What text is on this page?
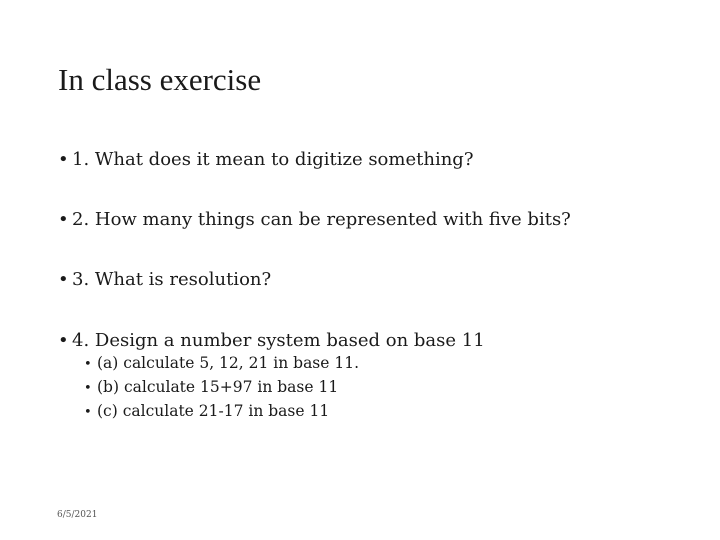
In class exercise
• 1. What does it mean to digitize something?
• 2. How many things can be represented with five bits?
• 3. What is resolution?
• 4. Design a number system based on base 11
• (a) calculate 5, 12, 21 in base 11.
• (b) calculate 15+97 in base 11
• (c) calculate 21-17 in base 11
6/5/2021
